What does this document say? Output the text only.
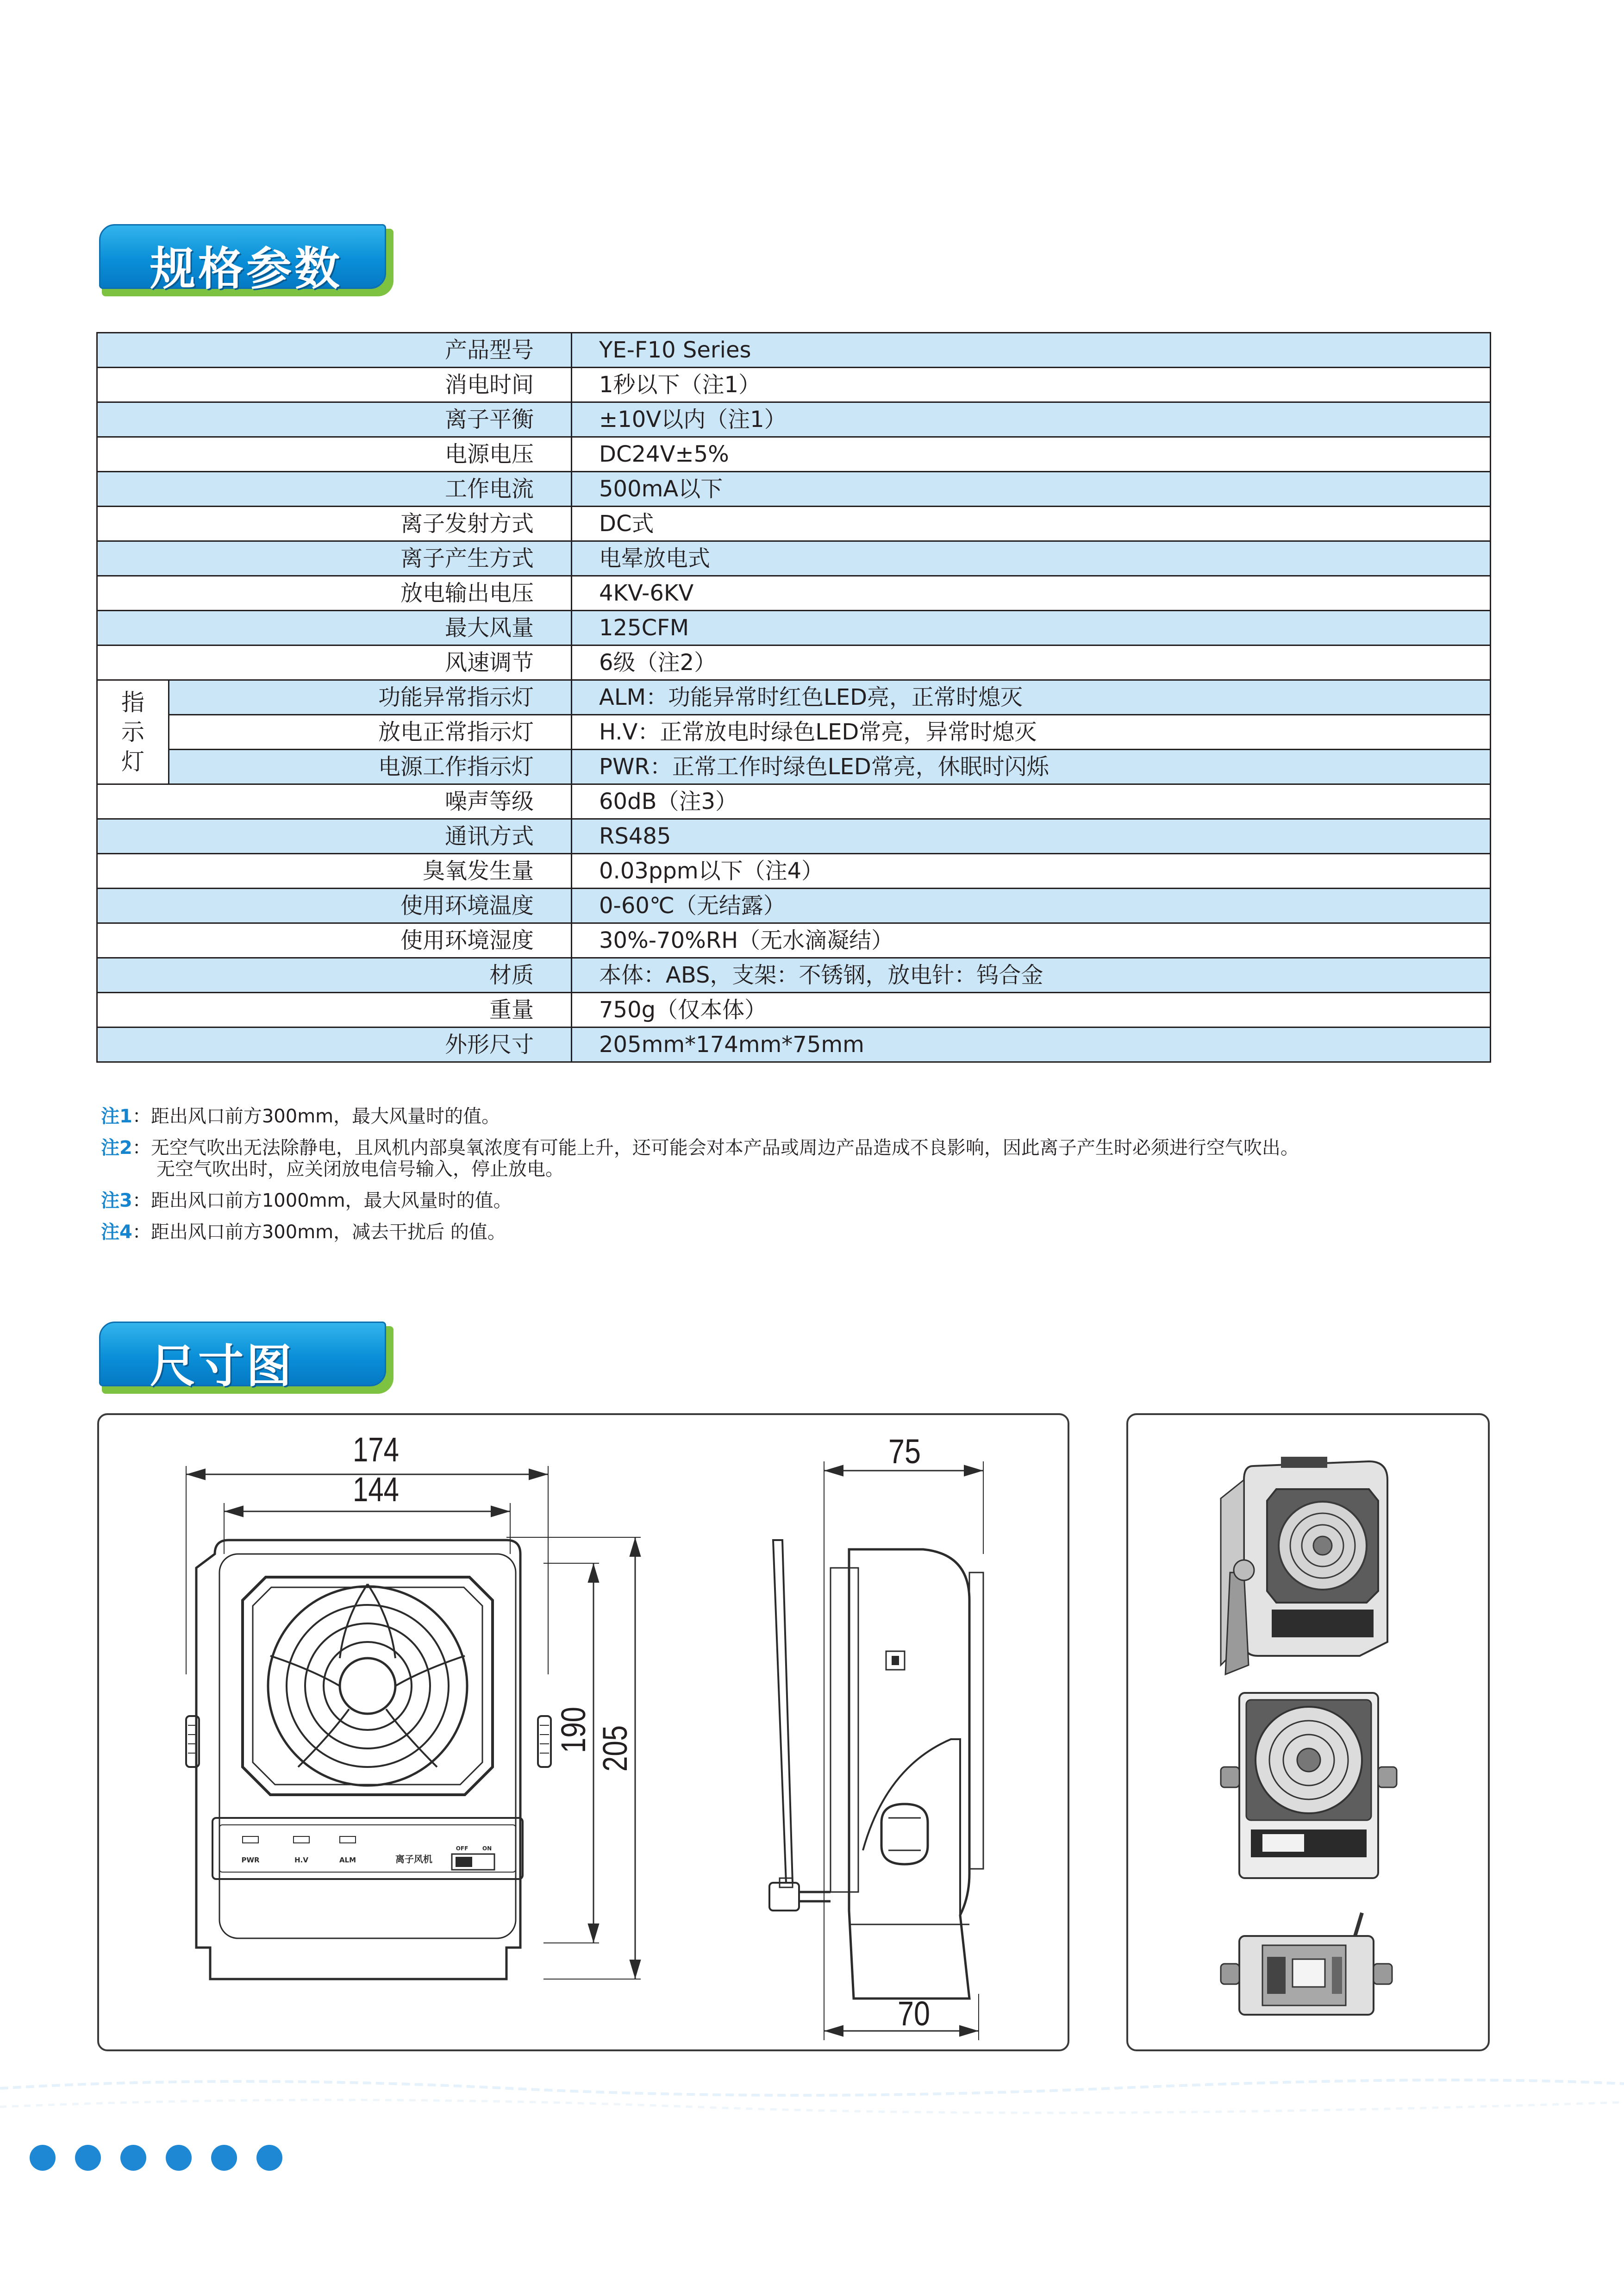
规格参数
产品型号		YE-F10 Series
消电时间		1秒以下（注1）
离子平衡		±10V以内（注1）
电源电压		DC24V±5%
工作电流		500mA以下
离子发射方式		DC式
离子产生方式		电晕放电式
放电输出电压		4KV-6KV
最大风量		125CFM
风速调节		6级（注2）

指
示
灯	功能异常指示灯	ALM：功能异常时红色LED亮，正常时熄灭
	放电正常指示灯	H.V：正常放电时绿色LED常亮，异常时熄灭
	电源工作指示灯	PWR：正常工作时绿色LED常亮，休眠时闪烁
噪声等级		60dB（注3）
通讯方式		RS485
臭氧发生量		0.03ppm以下（注4）
使用环境温度		0-60℃（无结露）
使用环境湿度		30%-70%RH（无水滴凝结）
材质		本体：ABS，支架：不锈钢，放电针：钨合金
重量		750g（仅本体）
外形尺寸		205mm*174mm*75mm
注1：距出风口前方300mm，最大风量时的值。
注2：无空气吹出无法除静电，且风机内部臭氧浓度有可能上升，还可能会对本产品或周边产品造成不良影响，因此离子产生时必须进行空气吹出。
无空气吹出时，应关闭放电信号输入，停止放电。
注3：距出风口前方1000mm，最大风量时的值。
注4：距出风口前方300mm，减去干扰后 的值。
尺寸图
PWR	H.V	ALM	离子风机
OFF	ON
174
144
190 205
75
70
